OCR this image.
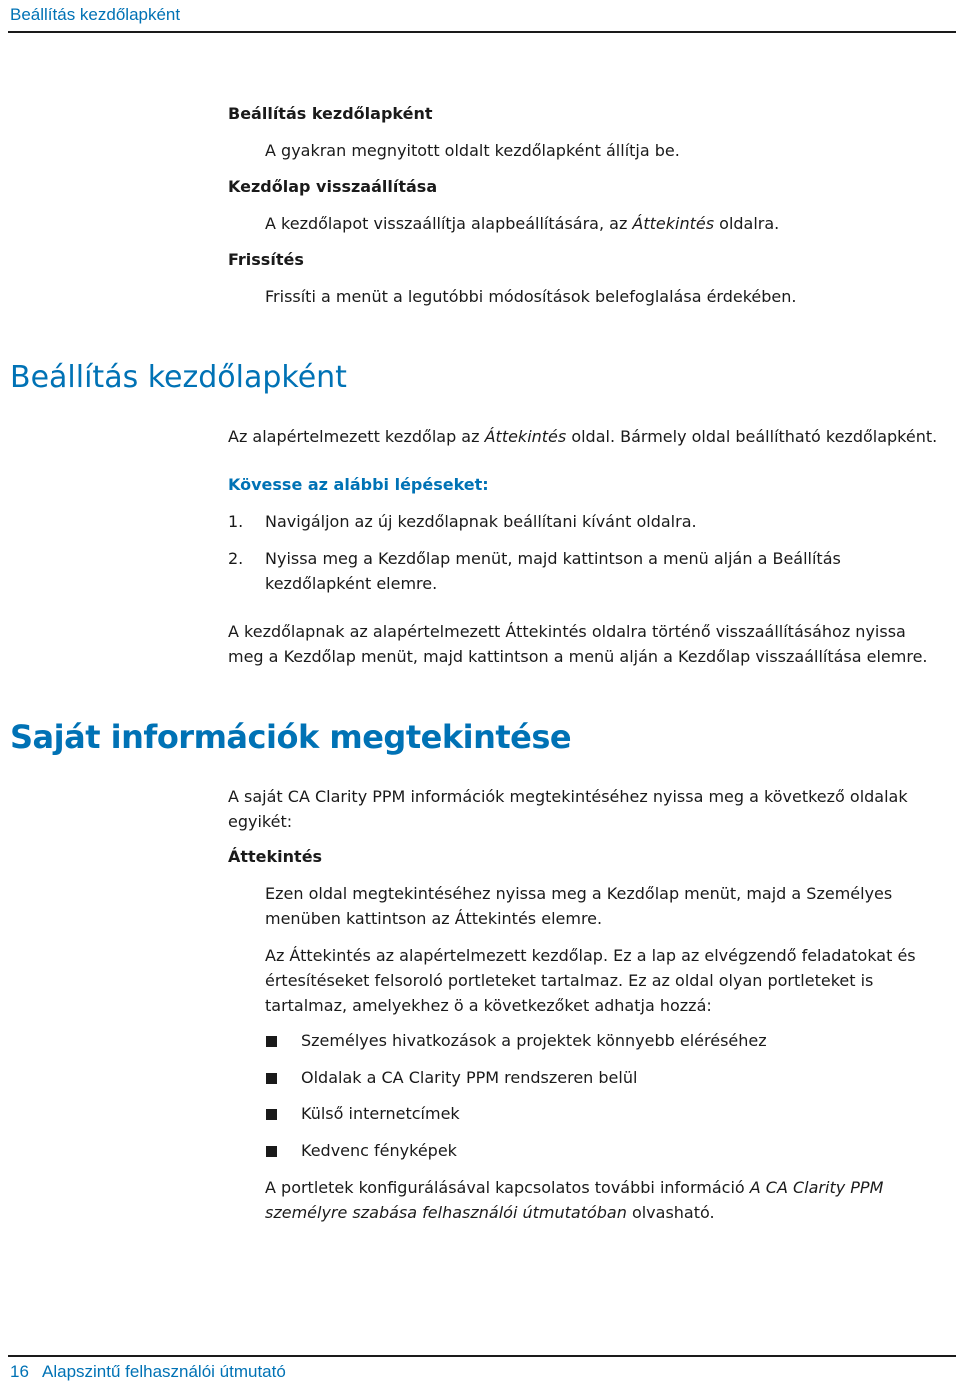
Beállítás kezdőlapként
Beállítás kezdőlapként
A gyakran megnyitott oldalt kezdőlapként állítja be.
Kezdőlap visszaállítása
A kezdőlapot visszaállítja alapbeállítására, az Áttekintés oldalra.
Frissítés
Frissíti a menüt a legutóbbi módosítások belefoglalása érdekében.
Beállítás kezdőlapként
Az alapértelmezett kezdőlap az Áttekintés oldal. Bármely oldal beállítható kezdőlapként.
Kövesse az alábbi lépéseket:
1. Navigáljon az új kezdőlapnak beállítani kívánt oldalra.
2. Nyissa meg a Kezdőlap menüt, majd kattintson a menü alján a Beállítás
kezdőlapként elemre.
A kezdőlapnak az alapértelmezett Áttekintés oldalra történő visszaállításához nyissa
meg a Kezdőlap menüt, majd kattintson a menü alján a Kezdőlap visszaállítása elemre.
Saját információk megtekintése
A saját CA Clarity PPM információk megtekintéséhez nyissa meg a következő oldalak
egyikét:
Áttekintés
Ezen oldal megtekintéséhez nyissa meg a Kezdőlap menüt, majd a Személyes
menüben kattintson az Áttekintés elemre.
Az Áttekintés az alapértelmezett kezdőlap. Ez a lap az elvégzendő feladatokat és
értesítéseket felsoroló portleteket tartalmaz. Ez az oldal olyan portleteket is
tartalmaz, amelyekhez ö a következőket adhatja hozzá:
Személyes hivatkozások a projektek könnyebb eléréséhez
Oldalak a CA Clarity PPM rendszeren belül
Külső internetcímek
Kedvenc fényképek
A portletek konfigurálásával kapcsolatos további információ A CA Clarity PPM
személyre szabása felhasználói útmutatóban olvasható.
16 Alapszintű felhasználói útmutató
